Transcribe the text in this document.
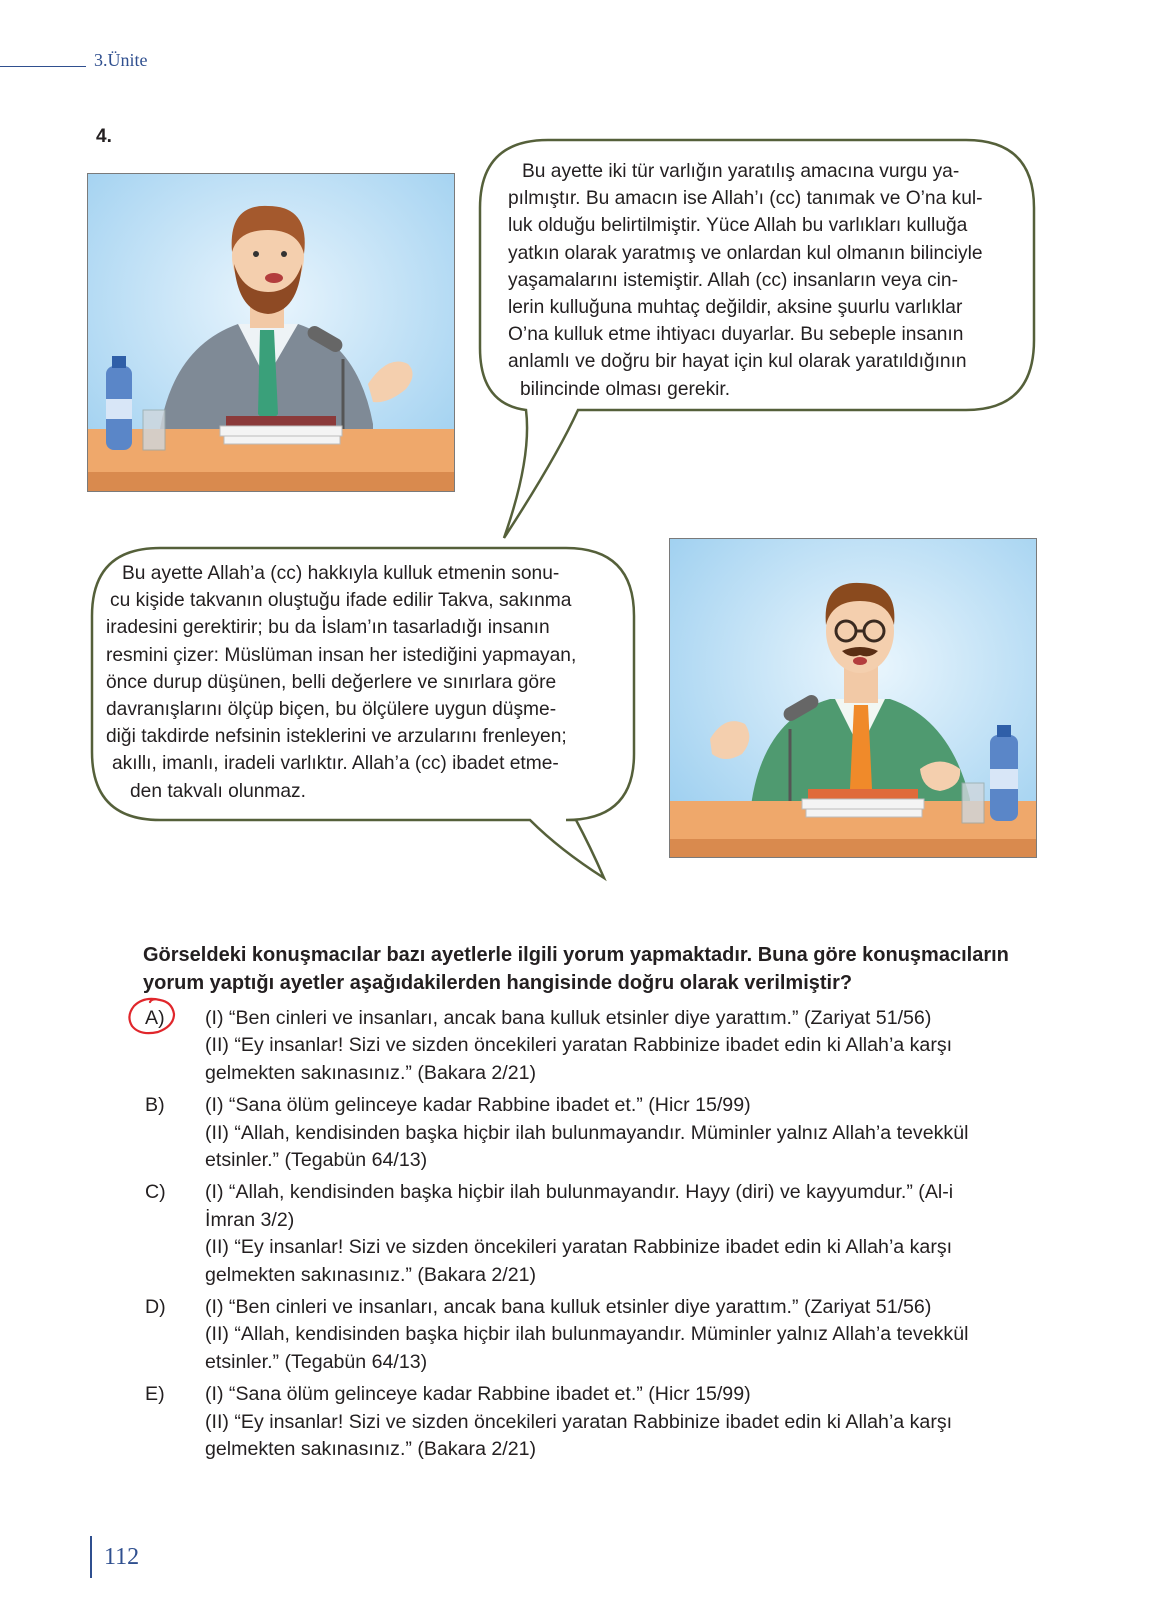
3.Ünite
4.

Bu ayette iki tür varlığın yaratılış amacına vurgu ya-

pılmıştır. Bu amacın ise Allah’ı (cc) tanımak ve O’na kul-

luk olduğu belirtilmiştir. Yüce Allah bu varlıkları kulluğa

yatkın olarak yaratmış ve onlardan kul olmanın bilinciyle

yaşamalarını istemiştir. Allah (cc) insanların veya cin-

lerin kulluğuna muhtaç değildir, aksine şuurlu varlıklar

O’na kulluk etme ihtiyacı duyarlar. Bu sebeple insanın

anlamlı ve doğru bir hayat için kul olarak yaratıldığının

bilincinde olması gerekir.

Bu ayette Allah’a (cc) hakkıyla kulluk etmenin sonu-

cu kişide takvanın oluştuğu ifade edilir Takva, sakınma

iradesini gerektirir; bu da İslam’ın tasarladığı insanın

resmini çizer: Müslüman insan her istediğini yapmayan,

önce durup düşünen, belli değerlere ve sınırlara göre

davranışlarını ölçüp biçen, bu ölçülere uygun düşme-

diği takdirde nefsinin isteklerini ve arzularını frenleyen;

akıllı, imanlı, iradeli varlıktır. Allah’a (cc) ibadet etme-

den takvalı olunmaz.

Görseldeki konuşmacılar bazı ayetlerle ilgili yorum yapmaktadır. Buna göre konuşmacıların

yorum yaptığı ayetler aşağıdakilerden hangisinde doğru olarak verilmiştir?

A) (I) “Ben cinleri ve insanları, ancak bana kulluk etsinler diye yarattım.” (Zariyat 51/56)
(II) “Ey insanlar! Sizi ve sizden öncekileri yaratan Rabbinize ibadet edin ki Allah’a karşı
gelmekten sakınasınız.” (Bakara 2/21)
B) (I) “Sana ölüm gelinceye kadar Rabbine ibadet et.” (Hicr 15/99)
(II) “Allah, kendisinden başka hiçbir ilah bulunmayandır. Müminler yalnız Allah’a tevekkül
etsinler.” (Tegabün 64/13)
C) (I) “Allah, kendisinden başka hiçbir ilah bulunmayandır. Hayy (diri) ve kayyumdur.” (Al-i
İmran 3/2)
(II) “Ey insanlar! Sizi ve sizden öncekileri yaratan Rabbinize ibadet edin ki Allah’a karşı
gelmekten sakınasınız.” (Bakara 2/21)
D) (I) “Ben cinleri ve insanları, ancak bana kulluk etsinler diye yarattım.” (Zariyat 51/56)
(II) “Allah, kendisinden başka hiçbir ilah bulunmayandır. Müminler yalnız Allah’a tevekkül
etsinler.” (Tegabün 64/13)
E) (I) “Sana ölüm gelinceye kadar Rabbine ibadet et.” (Hicr 15/99)
(II) “Ey insanlar! Sizi ve sizden öncekileri yaratan Rabbinize ibadet edin ki Allah’a karşı
gelmekten sakınasınız.” (Bakara 2/21)
112
